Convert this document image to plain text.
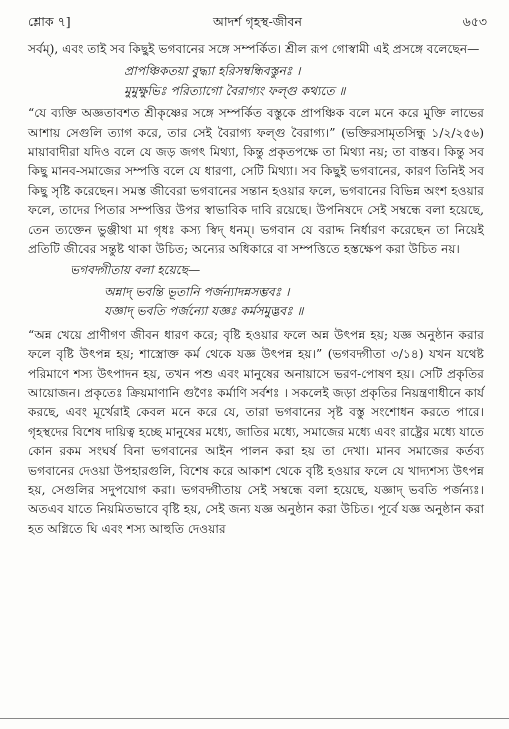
শ্লোক ৭]	আদর্শ গৃহস্থ-জীবন	৬৫৩

সর্বম্), এবং তাই সব কিছুই ভগবানের সঙ্গে সম্পর্কিত। শ্রীল রূপ গোস্বামী এই প্রসঙ্গে বলেছেন—

প্রাপঞ্চিকতয়া বুদ্ধ্যা হরিসম্বন্ধিবস্তুনঃ ।
মুমুক্ষুভিঃ পরিত্যাগো বৈরাগ্যং ফল্গু কথ্যতে ॥

“যে ব্যক্তি অজ্ঞতাবশত শ্রীকৃষ্ণের সঙ্গে সম্পর্কিত বস্তুকে প্রাপঞ্চিক বলে মনে করে মুক্তি লাভের আশায় সেগুলি ত্যাগ করে, তার সেই বৈরাগ্য ফল্গু বৈরাগ্য।” (ভক্তিরসামৃতসিন্ধু ১/২/২৫৬) মায়াবাদীরা যদিও বলে যে জড় জগৎ মিথ্যা, কিন্তু প্রকৃতপক্ষে তা মিথ্যা নয়; তা বাস্তব। কিন্তু সব কিছু মানব-সমাজের সম্পত্তি বলে যে ধারণা, সেটি মিথ্যা। সব কিছুই ভগবানের, কারণ তিনিই সব কিছু সৃষ্টি করেছেন। সমস্ত জীবেরা ভগবানের সন্তান হওয়ার ফলে, ভগবানের বিভিন্ন অংশ হওয়ার ফলে, তাদের পিতার সম্পত্তির উপর স্বাভাবিক দাবি রয়েছে। উপনিষদে সেই সম্বন্ধে বলা হয়েছে, তেন ত্যক্তেন ভুঞ্জীথা মা গৃধঃ কস্য স্বিদ্ ধনম্। ভগবান যে বরাদ্দ নির্ধারণ করেছেন তা নিয়েই প্রতিটি জীবের সন্তুষ্ট থাকা উচিত; অন্যের অধিকারে বা সম্পত্তিতে হস্তক্ষেপ করা উচিত নয়।

ভগবদ্গীতায় বলা হয়েছে—
অন্নাদ্ ভবন্তি ভূতানি পর্জন্যাদন্নসম্ভবঃ ।
যজ্ঞাদ্ ভবতি পর্জন্যো যজ্ঞঃ কর্মসমুদ্ভবঃ ॥

“অন্ন খেয়ে প্রাণীগণ জীবন ধারণ করে; বৃষ্টি হওয়ার ফলে অন্ন উৎপন্ন হয়; যজ্ঞ অনুষ্ঠান করার ফলে বৃষ্টি উৎপন্ন হয়; শাস্ত্রোক্ত কর্ম থেকে যজ্ঞ উৎপন্ন হয়।” (ভগবদ্গীতা ৩/১৪) যখন যথেষ্ট পরিমাণে শস্য উৎপাদন হয়, তখন পশু এবং মানুষের অনায়াসে ভরণ-পোষণ হয়। সেটি প্রকৃতির আয়োজন। প্রকৃতেঃ ক্রিয়মাণানি গুণৈঃ কর্মাণি সর্বশঃ । সকলেই জড়া প্রকৃতির নিয়ন্ত্রণাধীনে কার্য করছে, এবং মূর্খেরাই কেবল মনে করে যে, তারা ভগবানের সৃষ্ট বস্তু সংশোধন করতে পারে। গৃহস্থদের বিশেষ দায়িত্ব হচ্ছে মানুষের মধ্যে, জাতির মধ্যে, সমাজের মধ্যে এবং রাষ্ট্রের মধ্যে যাতে কোন রকম সংঘর্ষ বিনা ভগবানের আইন পালন করা হয় তা দেখা। মানব সমাজের কর্তব্য ভগবানের দেওয়া উপহারগুলি, বিশেষ করে আকাশ থেকে বৃষ্টি হওয়ার ফলে যে খাদ্যশস্য উৎপন্ন হয়, সেগুলির সদুপযোগ করা। ভগবদ্গীতায় সেই সম্বন্ধে বলা হয়েছে, যজ্ঞাদ্ ভবতি পর্জন্যঃ। অতএব যাতে নিয়মিতভাবে বৃষ্টি হয়, সেই জন্য যজ্ঞ অনুষ্ঠান করা উচিত। পূর্বে যজ্ঞ অনুষ্ঠান করা হত অগ্নিতে ঘি এবং শস্য আহুতি দেওয়ার
